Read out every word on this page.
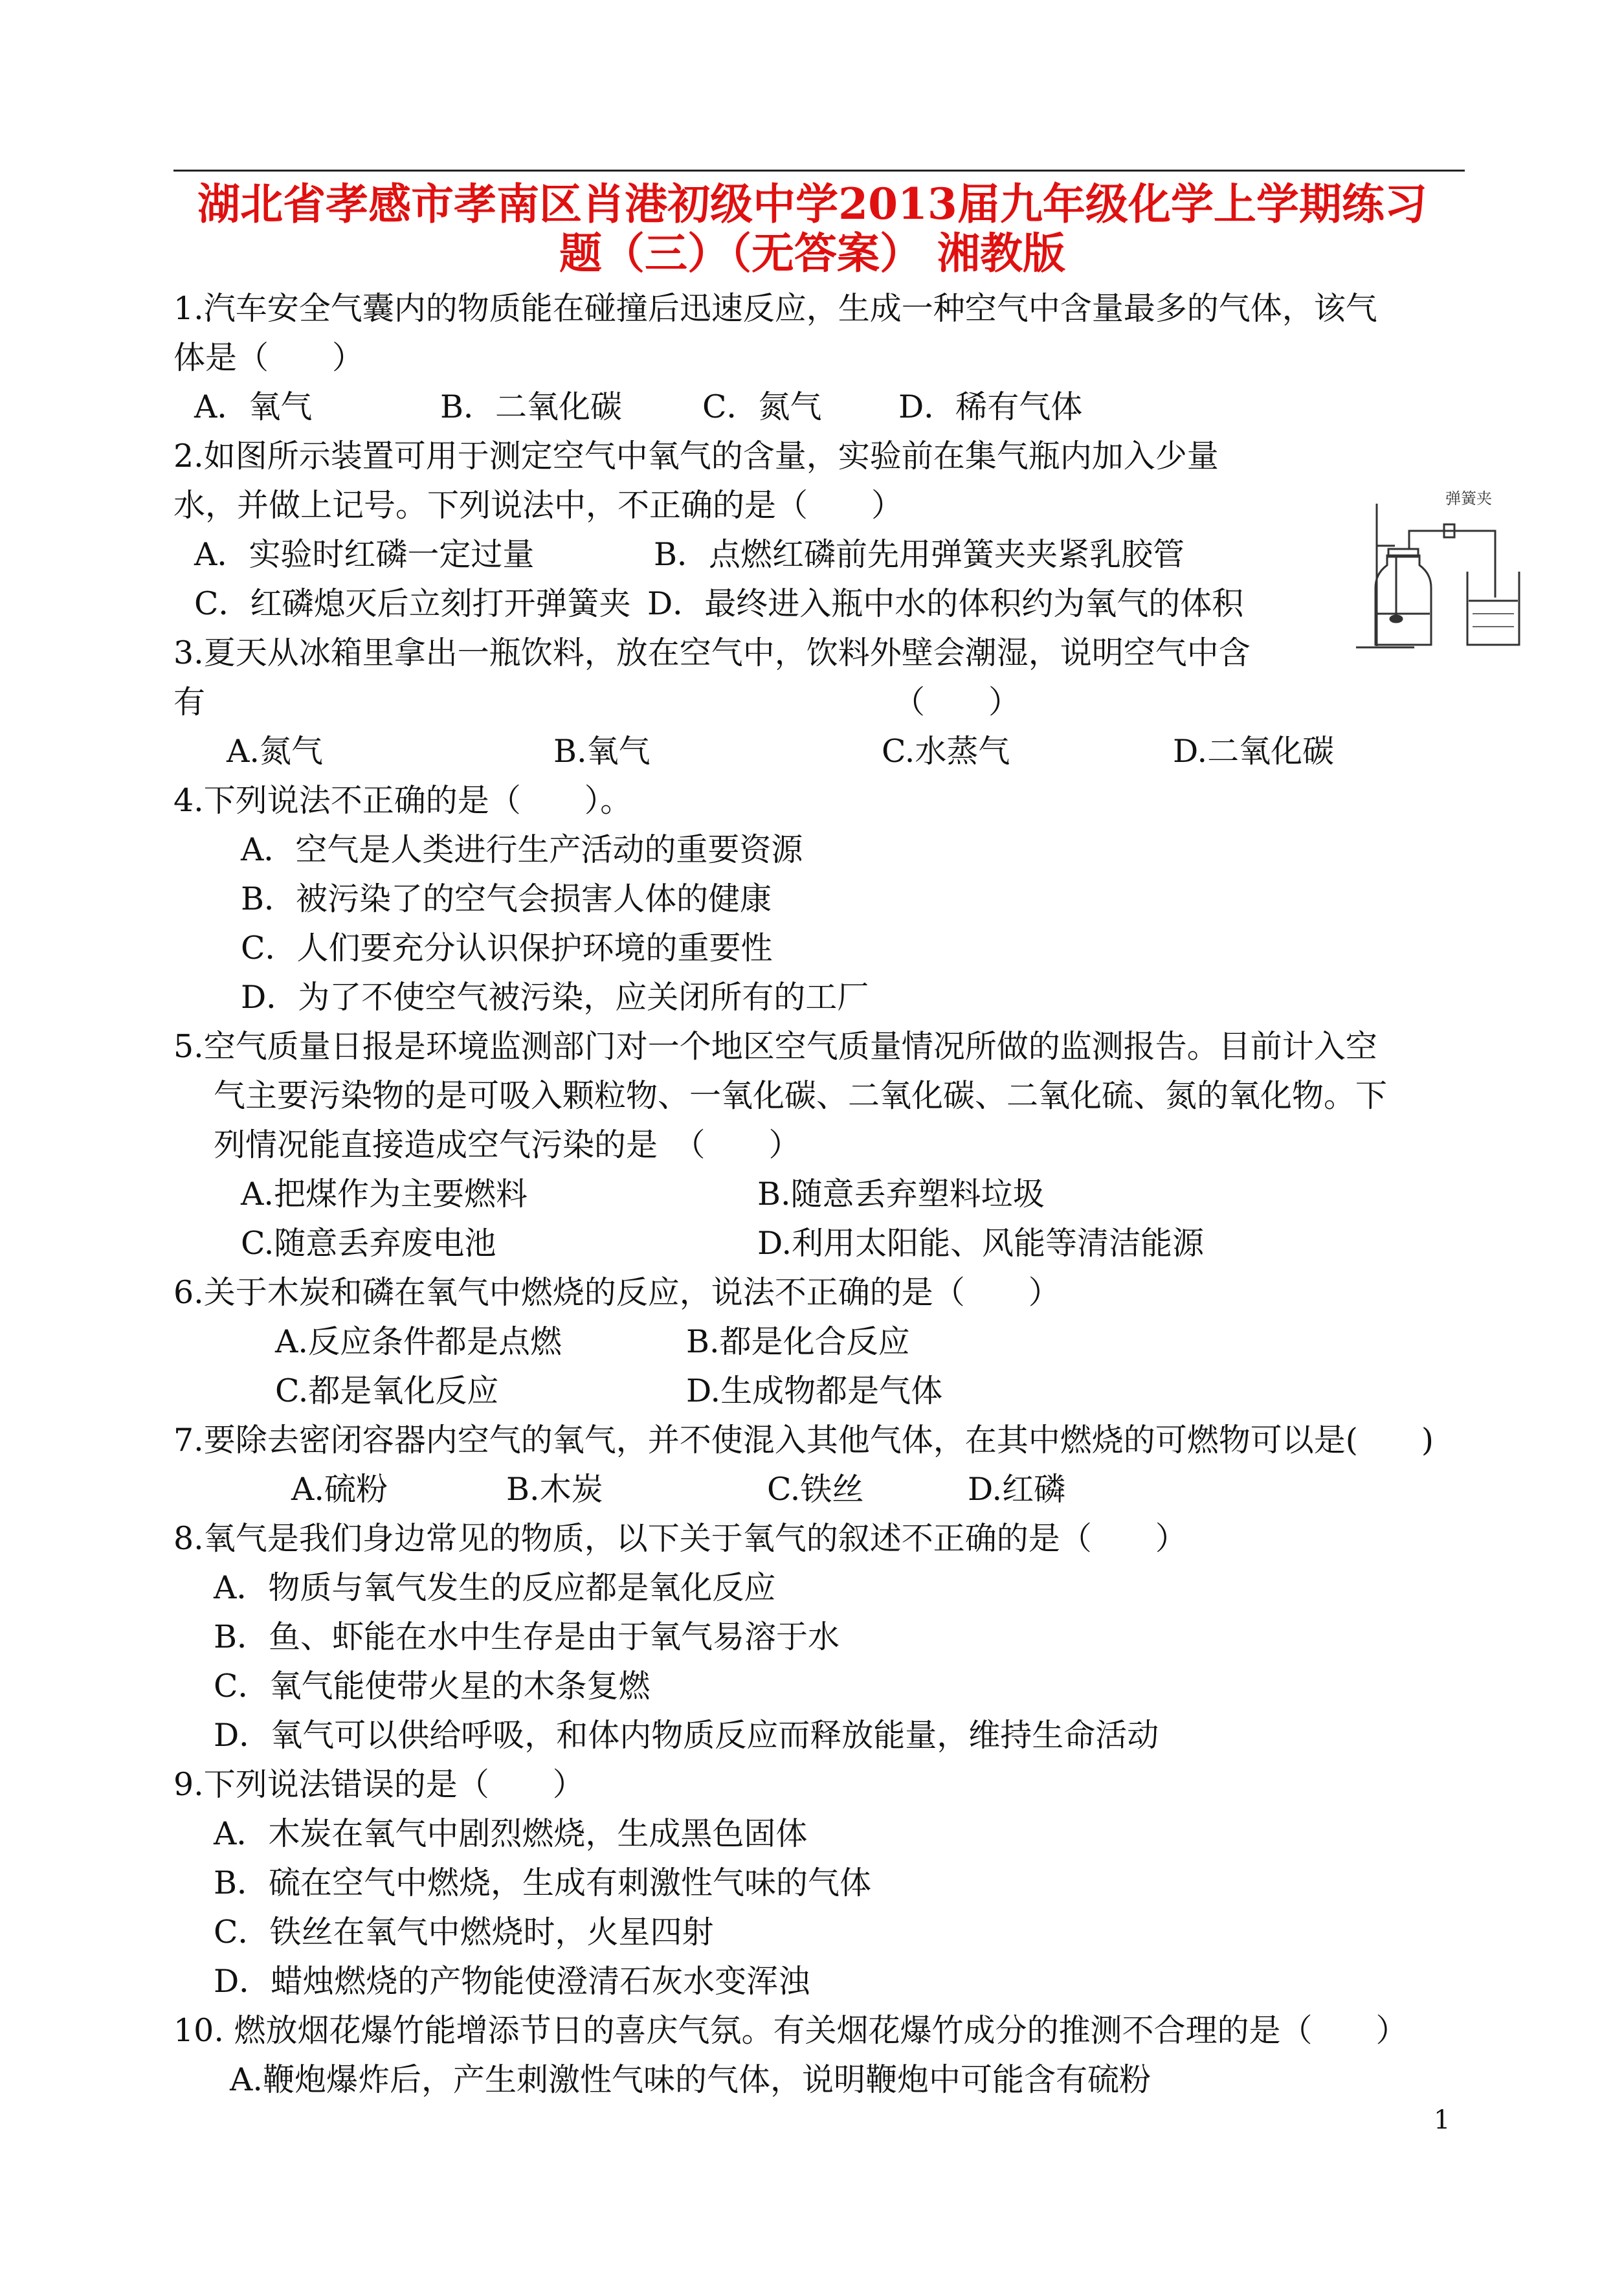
湖北省孝感市孝南区肖港初级中学2013届九年级化学上学期练习
题（三）（无答案） 湘教版
1.汽车安全气囊内的物质能在碰撞后迅速反应，生成一种空气中含量最多的气体，该气
体是（　　）
A．氧气	B．二氧化碳	C．氮气 D．稀有气体
2.如图所示装置可用于测定空气中氧气的含量，实验前在集气瓶内加入少量
水，并做上记号。下列说法中，不正确的是（　　）
A．实验时红磷一定过量	B．点燃红磷前先用弹簧夹夹紧乳胶管
C．红磷熄灭后立刻打开弹簧夹 D．最终进入瓶中水的体积约为氧气的体积
弹簧夹
3.夏天从冰箱里拿出一瓶饮料，放在空气中，饮料外壁会潮湿，说明空气中含
有	（　　）
A.氮气	B.氧气	C.水蒸气	D.二氧化碳
4.下列说法不正确的是（　　）。
A．空气是人类进行生产活动的重要资源
B．被污染了的空气会损害人体的健康
C．人们要充分认识保护环境的重要性
D．为了不使空气被污染，应关闭所有的工厂
5.空气质量日报是环境监测部门对一个地区空气质量情况所做的监测报告。目前计入空
气主要污染物的是可吸入颗粒物、一氧化碳、二氧化碳、二氧化硫、氮的氧化物。下
列情况能直接造成空气污染的是　（　　）
A.把煤作为主要燃料	B.随意丢弃塑料垃圾
C.随意丢弃废电池	D.利用太阳能、风能等清洁能源
6.关于木炭和磷在氧气中燃烧的反应，说法不正确的是（　　）
A.反应条件都是点燃	B.都是化合反应
C.都是氧化反应	D.生成物都是气体
7.要除去密闭容器内空气的氧气，并不使混入其他气体，在其中燃烧的可燃物可以是(　　)
A.硫粉	B.木炭	C.铁丝	D.红磷
8.氧气是我们身边常见的物质，以下关于氧气的叙述不正确的是（　　）
A．物质与氧气发生的反应都是氧化反应
B．鱼、虾能在水中生存是由于氧气易溶于水
C．氧气能使带火星的木条复燃
D．氧气可以供给呼吸，和体内物质反应而释放能量，维持生命活动
9.下列说法错误的是（　　）
A．木炭在氧气中剧烈燃烧，生成黑色固体
B．硫在空气中燃烧，生成有刺激性气味的气体
C．铁丝在氧气中燃烧时，火星四射
D．蜡烛燃烧的产物能使澄清石灰水变浑浊
10. 燃放烟花爆竹能增添节日的喜庆气氛。有关烟花爆竹成分的推测不合理的是（　　）
A.鞭炮爆炸后，产生刺激性气味的气体，说明鞭炮中可能含有硫粉
1
